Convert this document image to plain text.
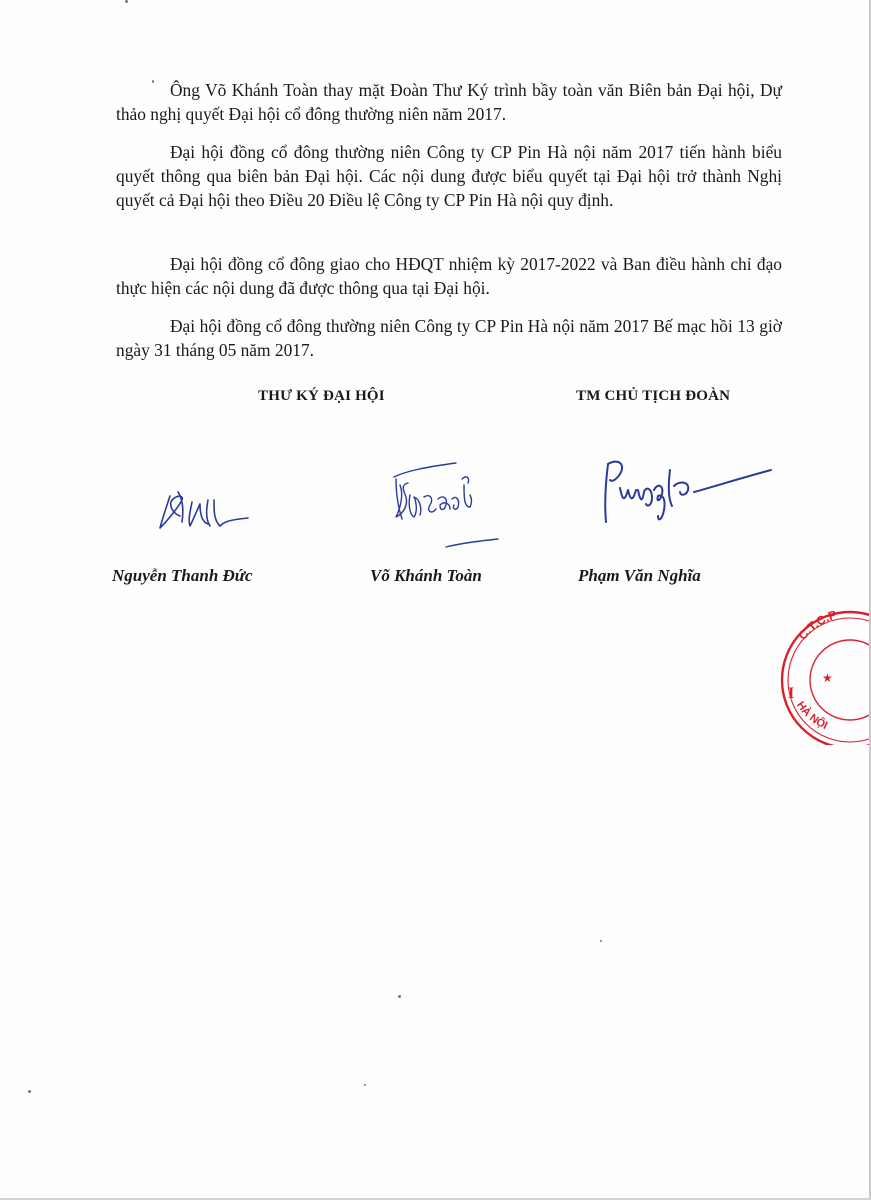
Ông Võ Khánh Toàn thay mặt Đoàn Thư Ký trình bầy toàn văn Biên bản Đại hội, Dự thảo nghị quyết Đại hội cổ đông thường niên năm 2017.

Đại hội đồng cổ đông thường niên Công ty CP Pin Hà nội năm 2017 tiến hành biểu quyết thông qua biên bản Đại hội. Các nội dung được biểu quyết tại Đại hội trở thành Nghị quyết cả Đại hội theo Điều 20 Điều lệ Công ty CP Pin Hà nội quy định.

Đại hội đồng cổ đông giao cho HĐQT nhiệm kỳ 2017-2022 và Ban điều hành chỉ đạo thực hiện các nội dung đã được thông qua tại Đại hội.

Đại hội đồng cổ đông thường niên Công ty CP Pin Hà nội năm 2017 Bế mạc hồi 13 giờ ngày 31 tháng 05 năm 2017.

THƯ KÝ ĐẠI HỘI	TM CHỦ TỊCH ĐOÀN
Nguyễn Thanh Đức	Võ Khánh Toàn	Phạm Văn Nghĩa
C.T.C.P
★
HÀ NỘI
I
